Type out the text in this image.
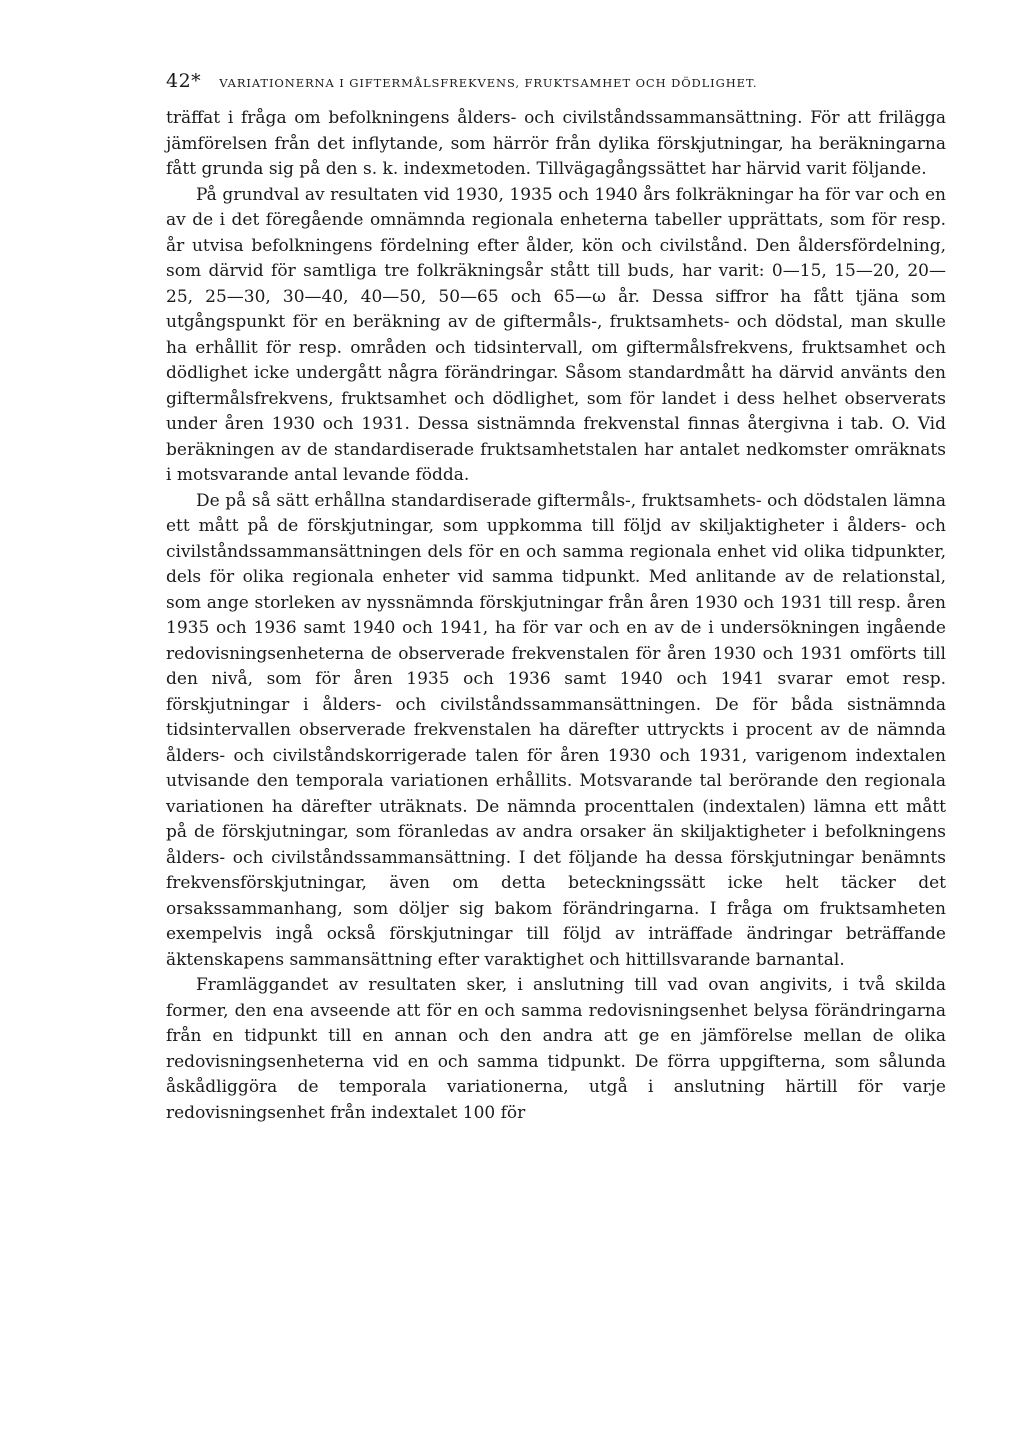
42* VARIATIONERNA I GIFTERMÅLSFREKVENS, FRUKTSAMHET OCH DÖDLIGHET.

träffat i fråga om befolkningens ålders- och civilståndssammansättning. För att frilägga jämförelsen från det inflytande, som härrör från dylika förskjutningar, ha beräkningarna fått grunda sig på den s. k. indexmetoden. Tillvägagångssättet har härvid varit följande.

På grundval av resultaten vid 1930, 1935 och 1940 års folkräkningar ha för var och en av de i det föregående omnämnda regionala enheterna tabeller upprättats, som för resp. år utvisa befolkningens fördelning efter ålder, kön och civilstånd. Den åldersfördelning, som därvid för samtliga tre folkräkningsår stått till buds, har varit: 0—15, 15—20, 20—25, 25—30, 30—40, 40—50, 50—65 och 65—ω år. Dessa siffror ha fått tjäna som utgångspunkt för en beräkning av de giftermåls-, fruktsamhets- och dödstal, man skulle ha erhållit för resp. områden och tidsintervall, om giftermålsfrekvens, fruktsamhet och dödlighet icke undergått några förändringar. Såsom standardmått ha därvid använts den giftermålsfrekvens, fruktsamhet och dödlighet, som för landet i dess helhet observerats under åren 1930 och 1931. Dessa sistnämnda frekvenstal finnas återgivna i tab. O. Vid beräkningen av de standardiserade fruktsamhetstalen har antalet nedkomster omräknats i motsvarande antal levande födda.

De på så sätt erhållna standardiserade giftermåls-, fruktsamhets- och dödstalen lämna ett mått på de förskjutningar, som uppkomma till följd av skiljaktigheter i ålders- och civilståndssammansättningen dels för en och samma regionala enhet vid olika tidpunkter, dels för olika regionala enheter vid samma tidpunkt. Med anlitande av de relationstal, som ange storleken av nyssnämnda förskjutningar från åren 1930 och 1931 till resp. åren 1935 och 1936 samt 1940 och 1941, ha för var och en av de i undersökningen ingående redovisningsenheterna de observerade frekvenstalen för åren 1930 och 1931 omförts till den nivå, som för åren 1935 och 1936 samt 1940 och 1941 svarar emot resp. förskjutningar i ålders- och civilståndssammansättningen. De för båda sistnämnda tidsintervallen observerade frekvenstalen ha därefter uttryckts i procent av de nämnda ålders- och civilståndskorrigerade talen för åren 1930 och 1931, varigenom indextalen utvisande den temporala variationen erhållits. Motsvarande tal berörande den regionala variationen ha därefter uträknats. De nämnda procenttalen (indextalen) lämna ett mått på de förskjutningar, som föranledas av andra orsaker än skiljaktigheter i befolkningens ålders- och civilståndssammansättning. I det följande ha dessa förskjutningar benämnts frekvensförskjutningar, även om detta beteckningssätt icke helt täcker det orsakssammanhang, som döljer sig bakom förändringarna. I fråga om fruktsamheten exempelvis ingå också förskjutningar till följd av inträffade ändringar beträffande äktenskapens sammansättning efter varaktighet och hittillsvarande barnantal.

Framläggandet av resultaten sker, i anslutning till vad ovan angivits, i två skilda former, den ena avseende att för en och samma redovisningsenhet belysa förändringarna från en tidpunkt till en annan och den andra att ge en jämförelse mellan de olika redovisningsenheterna vid en och samma tidpunkt. De förra uppgifterna, som sålunda åskådliggöra de temporala variationerna, utgå i anslutning härtill för varje redovisningsenhet från indextalet 100 för
